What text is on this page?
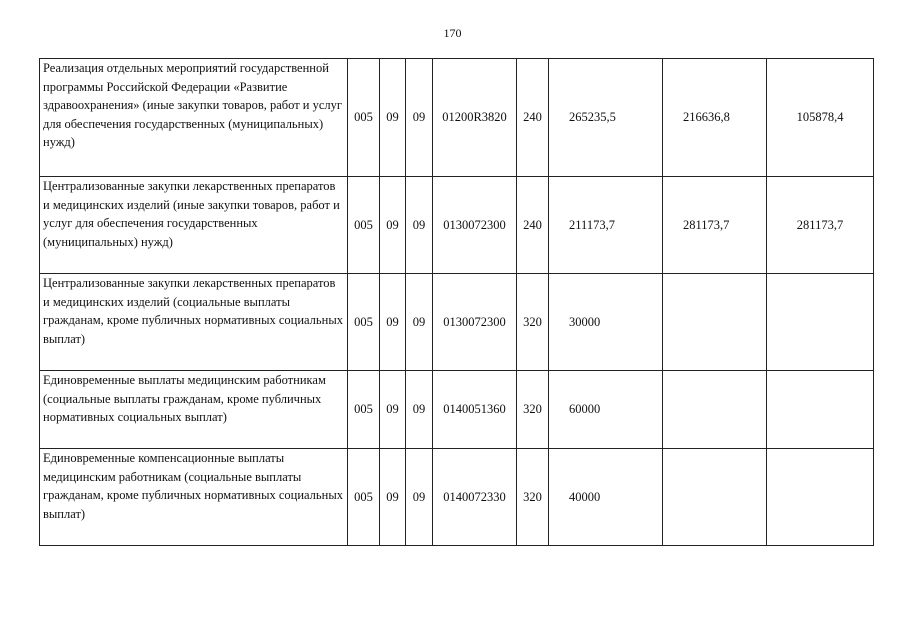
170
Реализация отдельных мероприятий государственной программы Российской Федерации «Развитие здравоохранения» (иные закупки товаров, работ и услуг для обеспечения государственных (муниципальных) нужд)	005	09	09	01200R3820	240	265235,5	216636,8	105878,4
Централизованные закупки лекарственных препаратов и медицинских изделий (иные закупки товаров, работ и услуг для обеспечения государственных (муниципальных) нужд)	005	09	09	0130072300	240	211173,7	281173,7	281173,7
Централизованные закупки лекарственных препаратов и медицинских изделий (социальные выплаты гражданам, кроме публичных нормативных социальных выплат)	005	09	09	0130072300	320	30000		
Единовременные выплаты медицинским работникам (социальные выплаты гражданам, кроме публичных нормативных социальных выплат)	005	09	09	0140051360	320	60000		
Единовременные компенсационные выплаты медицинским работникам (социальные выплаты гражданам, кроме публичных нормативных социальных выплат)	005	09	09	0140072330	320	40000		
